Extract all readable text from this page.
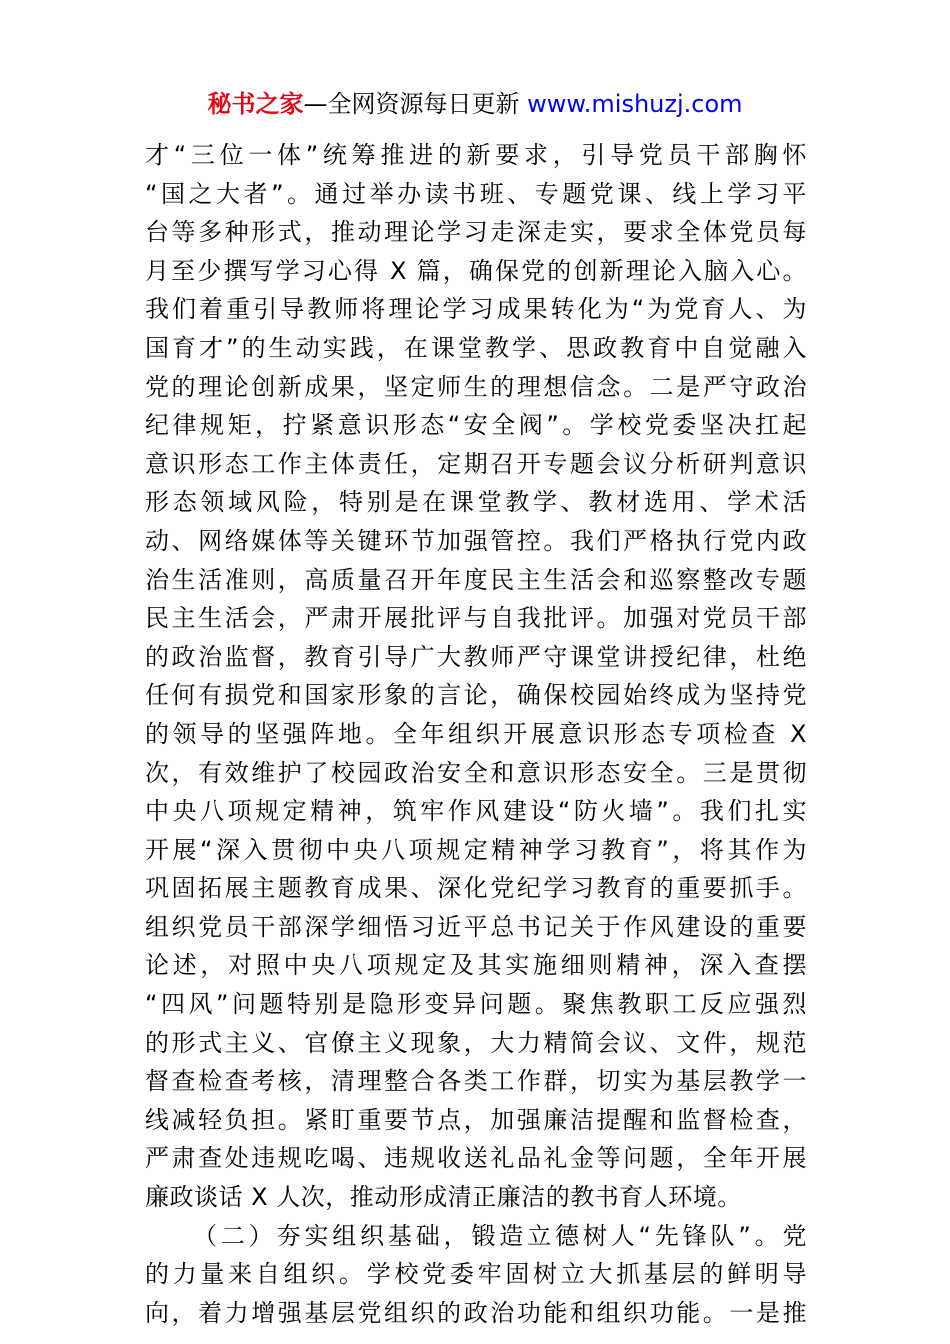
秘书之家—全网资源每日更新 www.mishuzj.com
才“三位一体”统筹推进的新要求，引导党员干部胸怀
“国之大者”。通过举办读书班、专题党课、线上学习平
台等多种形式，推动理论学习走深走实，要求全体党员每
月至少撰写学习心得 X 篇，确保党的创新理论入脑入心。
我们着重引导教师将理论学习成果转化为“为党育人、为
国育才”的生动实践，在课堂教学、思政教育中自觉融入
党的理论创新成果，坚定师生的理想信念。二是严守政治
纪律规矩，拧紧意识形态“安全阀”。学校党委坚决扛起
意识形态工作主体责任，定期召开专题会议分析研判意识
形态领域风险，特别是在课堂教学、教材选用、学术活
动、网络媒体等关键环节加强管控。我们严格执行党内政
治生活准则，高质量召开年度民主生活会和巡察整改专题
民主生活会，严肃开展批评与自我批评。加强对党员干部
的政治监督，教育引导广大教师严守课堂讲授纪律，杜绝
任何有损党和国家形象的言论，确保校园始终成为坚持党
的领导的坚强阵地。全年组织开展意识形态专项检查 X
次，有效维护了校园政治安全和意识形态安全。三是贯彻
中央八项规定精神，筑牢作风建设“防火墙”。我们扎实
开展“深入贯彻中央八项规定精神学习教育”，将其作为
巩固拓展主题教育成果、深化党纪学习教育的重要抓手。
组织党员干部深学细悟习近平总书记关于作风建设的重要
论述，对照中央八项规定及其实施细则精神，深入查摆
“四风”问题特别是隐形变异问题。聚焦教职工反应强烈
的形式主义、官僚主义现象，大力精简会议、文件，规范
督查检查考核，清理整合各类工作群，切实为基层教学一
线减轻负担。紧盯重要节点，加强廉洁提醒和监督检查，
严肃查处违规吃喝、违规收送礼品礼金等问题，全年开展
廉政谈话 X 人次，推动形成清正廉洁的教书育人环境。
（二）夯实组织基础，锻造立德树人“先锋队”。党
的力量来自组织。学校党委牢固树立大抓基层的鲜明导
向，着力增强基层党组织的政治功能和组织功能。一是推
